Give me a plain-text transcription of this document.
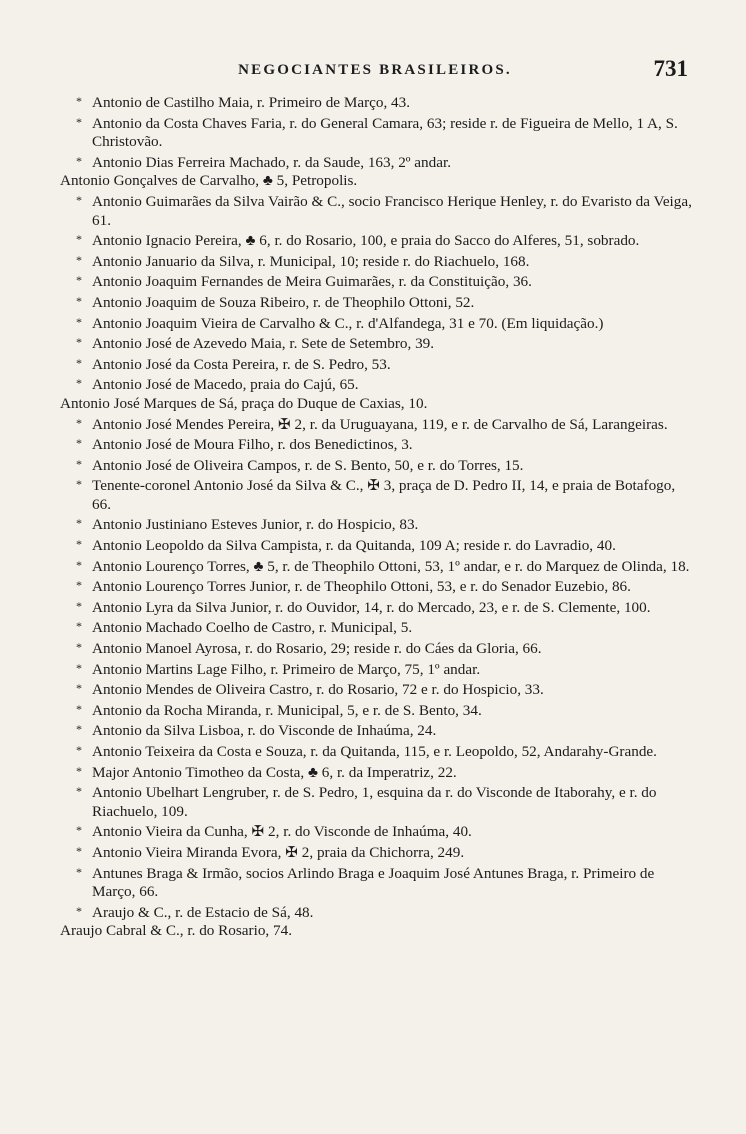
NEGOCIANTES BRASILEIROS.	731

* Antonio de Castilho Maia, r. Primeiro de Março, 43.

* Antonio da Costa Chaves Faria, r. do General Camara, 63; reside r. de Figueira de Mello, 1 A, S. Christovão.

* Antonio Dias Ferreira Machado, r. da Saude, 163, 2º andar.

Antonio Gonçalves de Carvalho, ♣ 5, Petropolis.

* Antonio Guimarães da Silva Vairão & C., socio Francisco Herique Henley, r. do Evaristo da Veiga, 61.

* Antonio Ignacio Pereira, ♣ 6, r. do Rosario, 100, e praia do Sacco do Alferes, 51, sobrado.

* Antonio Januario da Silva, r. Municipal, 10; reside r. do Riachuelo, 168.

* Antonio Joaquim Fernandes de Meira Guimarães, r. da Constituição, 36.

* Antonio Joaquim de Souza Ribeiro, r. de Theophilo Ottoni, 52.

* Antonio Joaquim Vieira de Carvalho & C., r. d'Alfandega, 31 e 70. (Em liquidação.)

* Antonio José de Azevedo Maia, r. Sete de Setembro, 39.

* Antonio José da Costa Pereira, r. de S. Pedro, 53.

* Antonio José de Macedo, praia do Cajú, 65.

Antonio José Marques de Sá, praça do Duque de Caxias, 10.

* Antonio José Mendes Pereira, ✠ 2, r. da Uruguayana, 119, e r. de Carvalho de Sá, Larangeiras.

* Antonio José de Moura Filho, r. dos Benedictinos, 3.

* Antonio José de Oliveira Campos, r. de S. Bento, 50, e r. do Torres, 15.

* Tenente-coronel Antonio José da Silva & C., ✠ 3, praça de D. Pedro II, 14, e praia de Botafogo, 66.

* Antonio Justiniano Esteves Junior, r. do Hospicio, 83.

* Antonio Leopoldo da Silva Campista, r. da Quitanda, 109 A; reside r. do Lavradio, 40.

* Antonio Lourenço Torres, ♣ 5, r. de Theophilo Ottoni, 53, 1º andar, e r. do Marquez de Olinda, 18.

* Antonio Lourenço Torres Junior, r. de Theophilo Ottoni, 53, e r. do Senador Euzebio, 86.

* Antonio Lyra da Silva Junior, r. do Ouvidor, 14, r. do Mercado, 23, e r. de S. Clemente, 100.

* Antonio Machado Coelho de Castro, r. Municipal, 5.

* Antonio Manoel Ayrosa, r. do Rosario, 29; reside r. do Cáes da Gloria, 66.

* Antonio Martins Lage Filho, r. Primeiro de Março, 75, 1º andar.

* Antonio Mendes de Oliveira Castro, r. do Rosario, 72 e r. do Hospicio, 33.

* Antonio da Rocha Miranda, r. Municipal, 5, e r. de S. Bento, 34.

* Antonio da Silva Lisboa, r. do Visconde de Inhaúma, 24.

* Antonio Teixeira da Costa e Souza, r. da Quitanda, 115, e r. Leopoldo, 52, Andarahy-Grande.

* Major Antonio Timotheo da Costa, ♣ 6, r. da Imperatriz, 22.

* Antonio Ubelhart Lengruber, r. de S. Pedro, 1, esquina da r. do Visconde de Itaborahy, e r. do Riachuelo, 109.

* Antonio Vieira da Cunha, ✠ 2, r. do Visconde de Inhaúma, 40.

* Antonio Vieira Miranda Evora, ✠ 2, praia da Chichorra, 249.

* Antunes Braga & Irmão, socios Arlindo Braga e Joaquim José Antunes Braga, r. Primeiro de Março, 66.

* Araujo & C., r. de Estacio de Sá, 48.

Araujo Cabral & C., r. do Rosario, 74.
